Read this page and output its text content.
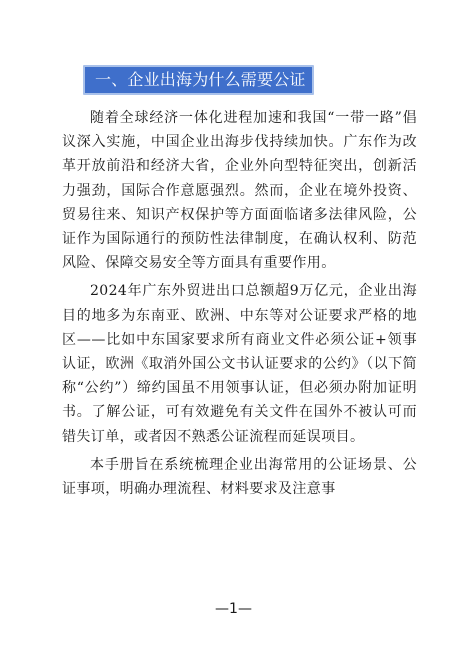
一、企业出海为什么需要公证

随着全球经济一体化进程加速和我国“一带一路”倡议深入实施，中国企业出海步伐持续加快。广东作为改革开放前沿和经济大省，企业外向型特征突出，创新活力强劲，国际合作意愿强烈。然而，企业在境外投资、贸易往来、知识产权保护等方面面临诸多法律风险，公证作为国际通行的预防性法律制度，在确认权利、防范风险、保障交易安全等方面具有重要作用。

2024年广东外贸进出口总额超9万亿元，企业出海目的地多为东南亚、欧洲、中东等对公证要求严格的地区——比如中东国家要求所有商业文件必须公证+领事认证，欧洲《取消外国公文书认证要求的公约》（以下简称“公约”）缔约国虽不用领事认证，但必须办附加证明书。了解公证，可有效避免有关文件在国外不被认可而错失订单，或者因不熟悉公证流程而延误项目。

本手册旨在系统梳理企业出海常用的公证场景、公证事项，明确办理流程、材料要求及注意事

—1—
